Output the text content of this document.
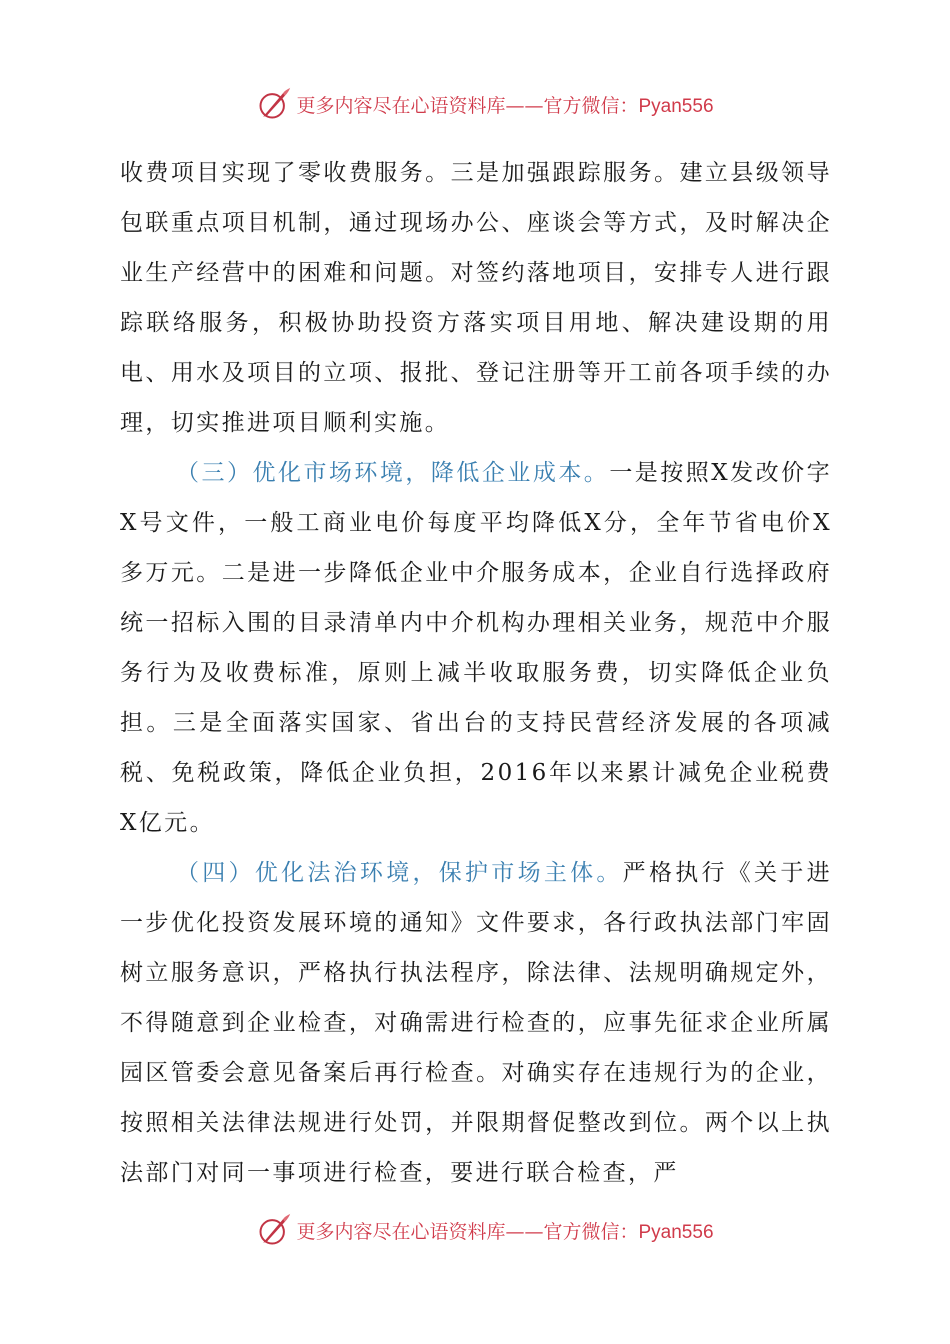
更多内容尽在心语资料库——官方微信：Pyan556

收费项目实现了零收费服务。三是加强跟踪服务。建立县级领导包联重点项目机制，通过现场办公、座谈会等方式，及时解决企业生产经营中的困难和问题。对签约落地项目，安排专人进行跟踪联络服务，积极协助投资方落实项目用地、解决建设期的用电、用水及项目的立项、报批、登记注册等开工前各项手续的办理，切实推进项目顺利实施。

（三）优化市场环境，降低企业成本。一是按照X发改价字X号文件，一般工商业电价每度平均降低X分，全年节省电价X多万元。二是进一步降低企业中介服务成本，企业自行选择政府统一招标入围的目录清单内中介机构办理相关业务，规范中介服务行为及收费标准，原则上减半收取服务费，切实降低企业负担。三是全面落实国家、省出台的支持民营经济发展的各项减税、免税政策，降低企业负担，2016年以来累计减免企业税费X亿元。

（四）优化法治环境，保护市场主体。严格执行《关于进一步优化投资发展环境的通知》文件要求，各行政执法部门牢固树立服务意识，严格执行执法程序，除法律、法规明确规定外，不得随意到企业检查，对确需进行检查的，应事先征求企业所属园区管委会意见备案后再行检查。对确实存在违规行为的企业，按照相关法律法规进行处罚，并限期督促整改到位。两个以上执法部门对同一事项进行检查，要进行联合检查，严

更多内容尽在心语资料库——官方微信：Pyan556
